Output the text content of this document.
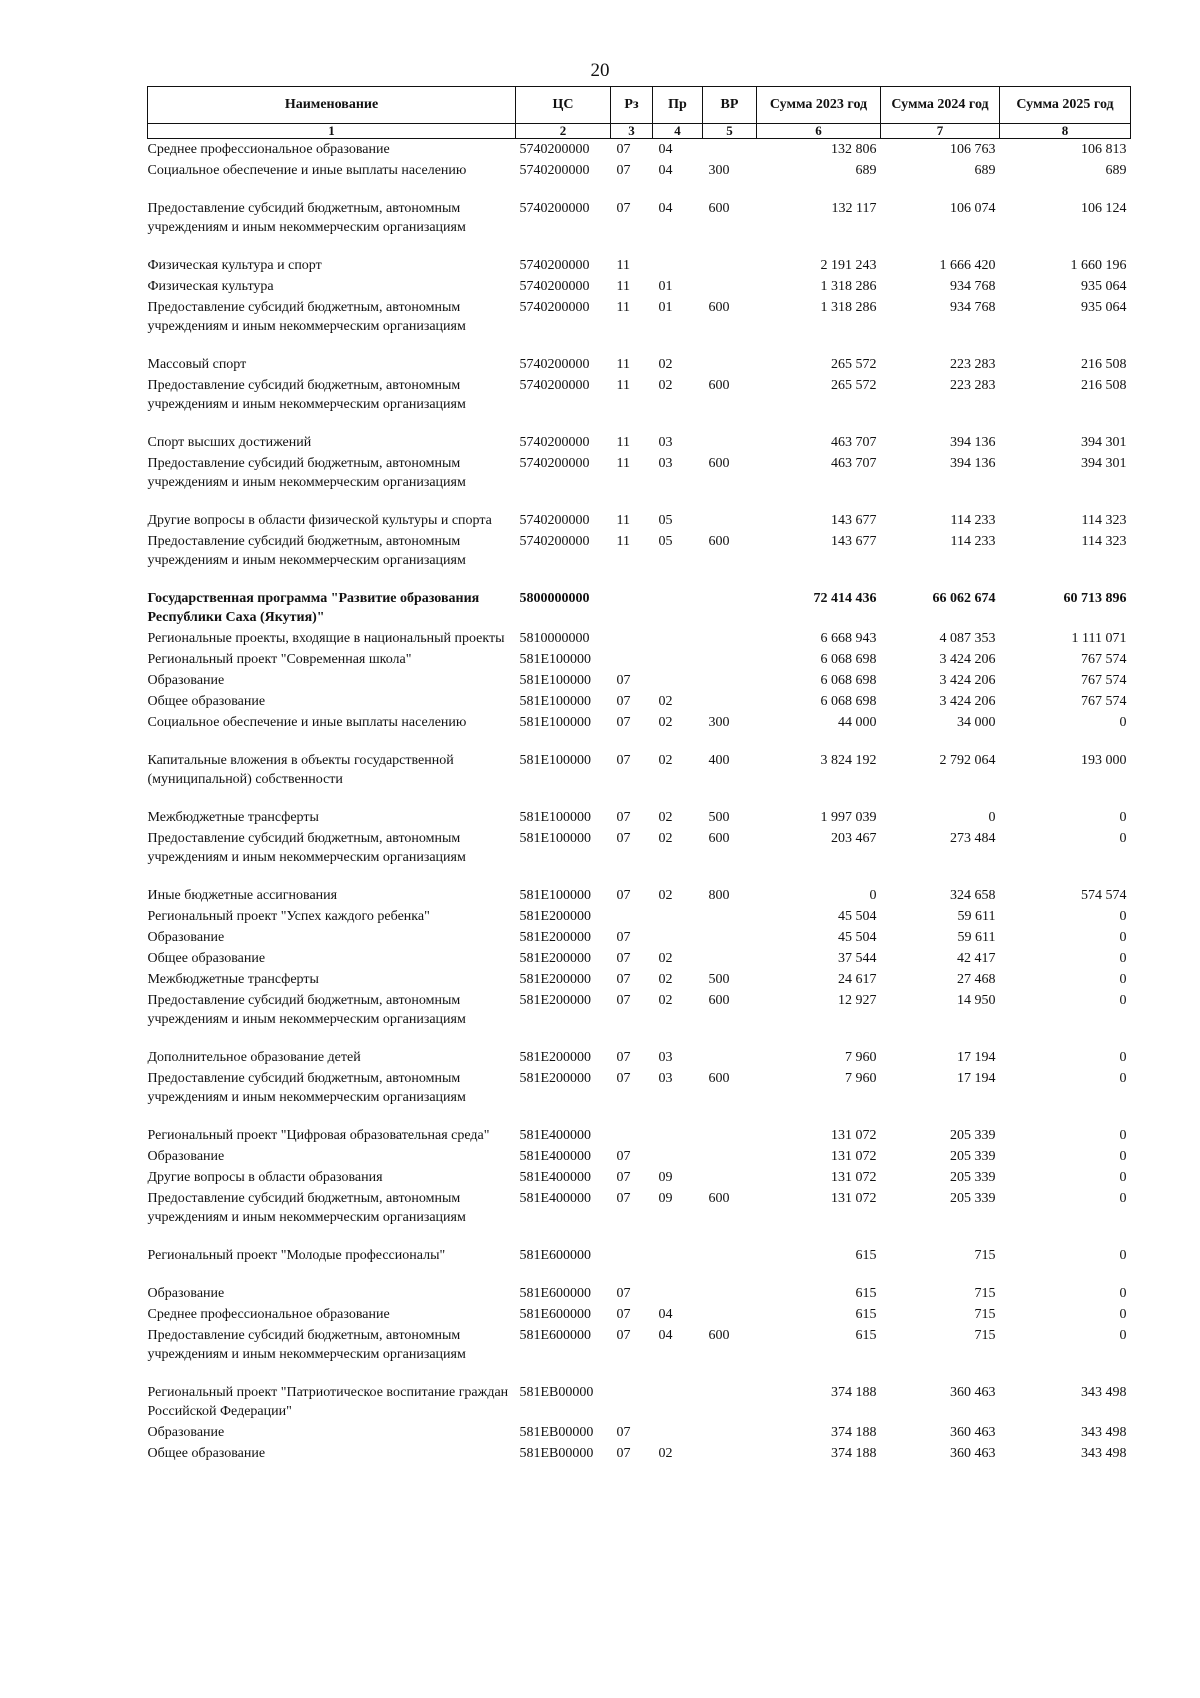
20
Наименование	ЦС	Рз	Пр	ВР	Сумма 2023 год	Сумма 2024 год	Сумма 2025 год
1	2	3	4	5	6	7	8
Среднее профессиональное образование	5740200000	07	04		132 806	106 763	106 813
Социальное обеспечение и иные выплаты населению	5740200000	07	04	300	689	689	689
Предоставление субсидий бюджетным, автономным учреждениям и иным некоммерческим организациям	5740200000	07	04	600	132 117	106 074	106 124
Физическая культура и спорт	5740200000	11			2 191 243	1 666 420	1 660 196
Физическая культура	5740200000	11	01		1 318 286	934 768	935 064
Предоставление субсидий бюджетным, автономным учреждениям и иным некоммерческим организациям	5740200000	11	01	600	1 318 286	934 768	935 064
Массовый спорт	5740200000	11	02		265 572	223 283	216 508
Предоставление субсидий бюджетным, автономным учреждениям и иным некоммерческим организациям	5740200000	11	02	600	265 572	223 283	216 508
Спорт высших достижений	5740200000	11	03		463 707	394 136	394 301
Предоставление субсидий бюджетным, автономным учреждениям и иным некоммерческим организациям	5740200000	11	03	600	463 707	394 136	394 301
Другие вопросы в области физической культуры и спорта	5740200000	11	05		143 677	114 233	114 323
Предоставление субсидий бюджетным, автономным учреждениям и иным некоммерческим организациям	5740200000	11	05	600	143 677	114 233	114 323
Государственная программа "Развитие образования Республики Саха (Якутия)"	5800000000				72 414 436	66 062 674	60 713 896
Региональные проекты, входящие в национальный проекты	5810000000				6 668 943	4 087 353	1 111 071
Региональный проект "Современная школа"	581E100000				6 068 698	3 424 206	767 574
Образование	581E100000	07			6 068 698	3 424 206	767 574
Общее образование	581E100000	07	02		6 068 698	3 424 206	767 574
Социальное обеспечение и иные выплаты населению	581E100000	07	02	300	44 000	34 000	0
Капитальные вложения в объекты государственной (муниципальной) собственности	581E100000	07	02	400	3 824 192	2 792 064	193 000
Межбюджетные трансферты	581E100000	07	02	500	1 997 039	0	0
Предоставление субсидий бюджетным, автономным учреждениям и иным некоммерческим организациям	581E100000	07	02	600	203 467	273 484	0
Иные бюджетные ассигнования	581E100000	07	02	800	0	324 658	574 574
Региональный проект "Успех каждого ребенка"	581E200000				45 504	59 611	0
Образование	581E200000	07			45 504	59 611	0
Общее образование	581E200000	07	02		37 544	42 417	0
Межбюджетные трансферты	581E200000	07	02	500	24 617	27 468	0
Предоставление субсидий бюджетным, автономным учреждениям и иным некоммерческим организациям	581E200000	07	02	600	12 927	14 950	0
Дополнительное образование детей	581E200000	07	03		7 960	17 194	0
Предоставление субсидий бюджетным, автономным учреждениям и иным некоммерческим организациям	581E200000	07	03	600	7 960	17 194	0
Региональный проект "Цифровая образовательная среда"	581E400000				131 072	205 339	0
Образование	581E400000	07			131 072	205 339	0
Другие вопросы в области образования	581E400000	07	09		131 072	205 339	0
Предоставление субсидий бюджетным, автономным учреждениям и иным некоммерческим организациям	581E400000	07	09	600	131 072	205 339	0
Региональный проект "Молодые профессионалы"	581E600000				615	715	0
Образование	581E600000	07			615	715	0
Среднее профессиональное образование	581E600000	07	04		615	715	0
Предоставление субсидий бюджетным, автономным учреждениям и иным некоммерческим организациям	581E600000	07	04	600	615	715	0
Региональный проект "Патриотическое воспитание граждан Российской Федерации"	581EB00000				374 188	360 463	343 498
Образование	581EB00000	07			374 188	360 463	343 498
Общее образование	581EB00000	07	02		374 188	360 463	343 498
